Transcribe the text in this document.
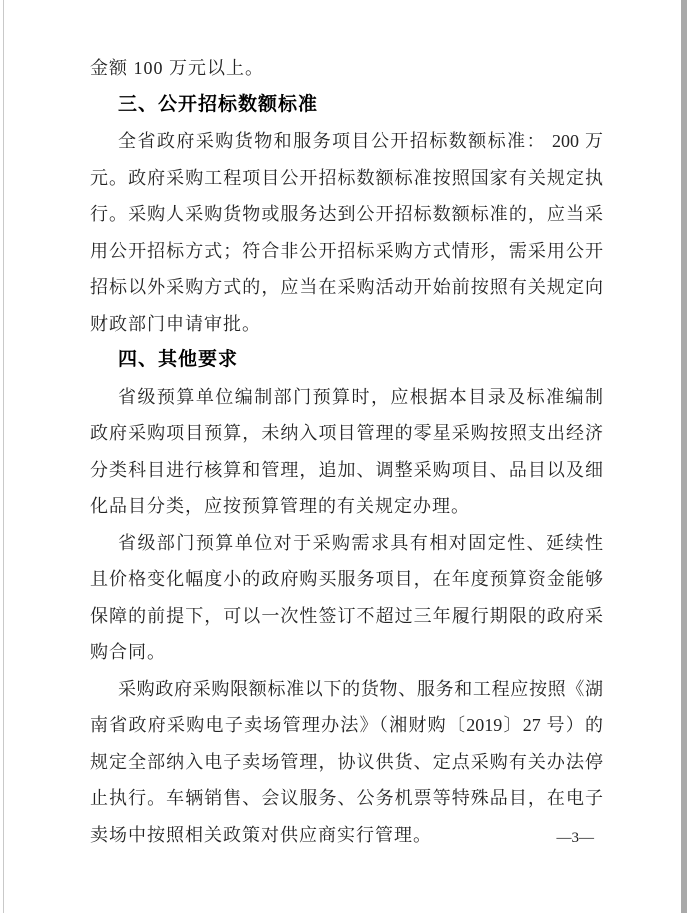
金额 100 万元以上。
三、公开招标数额标准
全省政府采购货物和服务项目公开招标数额标准： 200 万
元。政府采购工程项目公开招标数额标准按照国家有关规定执
行。采购人采购货物或服务达到公开招标数额标准的，应当采
用公开招标方式；符合非公开招标采购方式情形，需采用公开
招标以外采购方式的，应当在采购活动开始前按照有关规定向
财政部门申请审批。
四、其他要求
省级预算单位编制部门预算时，应根据本目录及标准编制
政府采购项目预算，未纳入项目管理的零星采购按照支出经济
分类科目进行核算和管理，追加、调整采购项目、品目以及细
化品目分类，应按预算管理的有关规定办理。
省级部门预算单位对于采购需求具有相对固定性、延续性
且价格变化幅度小的政府购买服务项目，在年度预算资金能够
保障的前提下，可以一次性签订不超过三年履行期限的政府采
购合同。
采购政府采购限额标准以下的货物、服务和工程应按照《湖
南省政府采购电子卖场管理办法》（湘财购〔2019〕27 号）的
规定全部纳入电子卖场管理，协议供货、定点采购有关办法停
止执行。车辆销售、会议服务、公务机票等特殊品目，在电子
卖场中按照相关政策对供应商实行管理。	—3—
